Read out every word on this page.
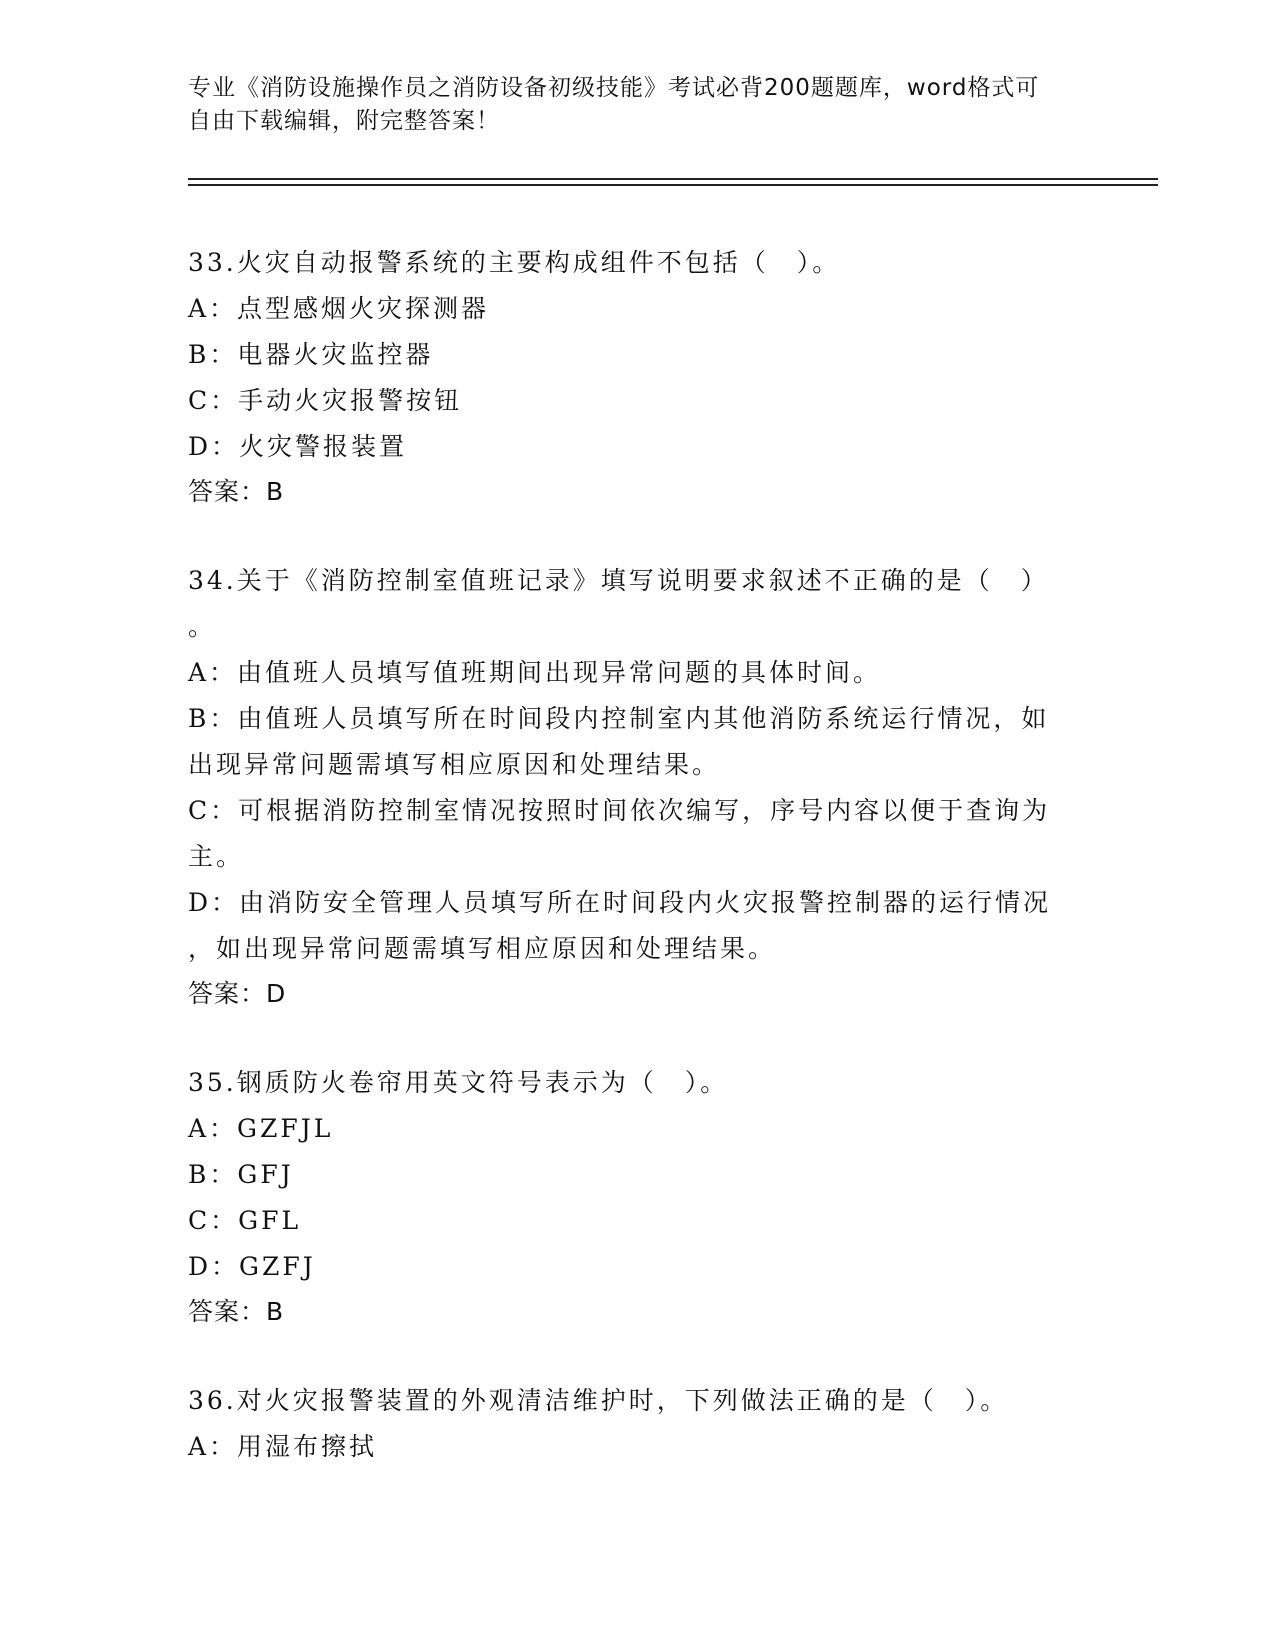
专业《消防设施操作员之消防设备初级技能》考试必背200题题库，word格式可
自由下载编辑，附完整答案！
33.火灾自动报警系统的主要构成组件不包括（　）。
A：点型感烟火灾探测器
B：电器火灾监控器
C：手动火灾报警按钮
D：火灾警报装置
答案：B
34.关于《消防控制室值班记录》填写说明要求叙述不正确的是（　）
。
A：由值班人员填写值班期间出现异常问题的具体时间。
B：由值班人员填写所在时间段内控制室内其他消防系统运行情况，如
出现异常问题需填写相应原因和处理结果。
C：可根据消防控制室情况按照时间依次编写，序号内容以便于查询为
主。
D：由消防安全管理人员填写所在时间段内火灾报警控制器的运行情况
，如出现异常问题需填写相应原因和处理结果。
答案：D
35.钢质防火卷帘用英文符号表示为（　）。
A：GZFJL
B：GFJ
C：GFL
D：GZFJ
答案：B
36.对火灾报警装置的外观清洁维护时，下列做法正确的是（　）。
A：用湿布擦拭
